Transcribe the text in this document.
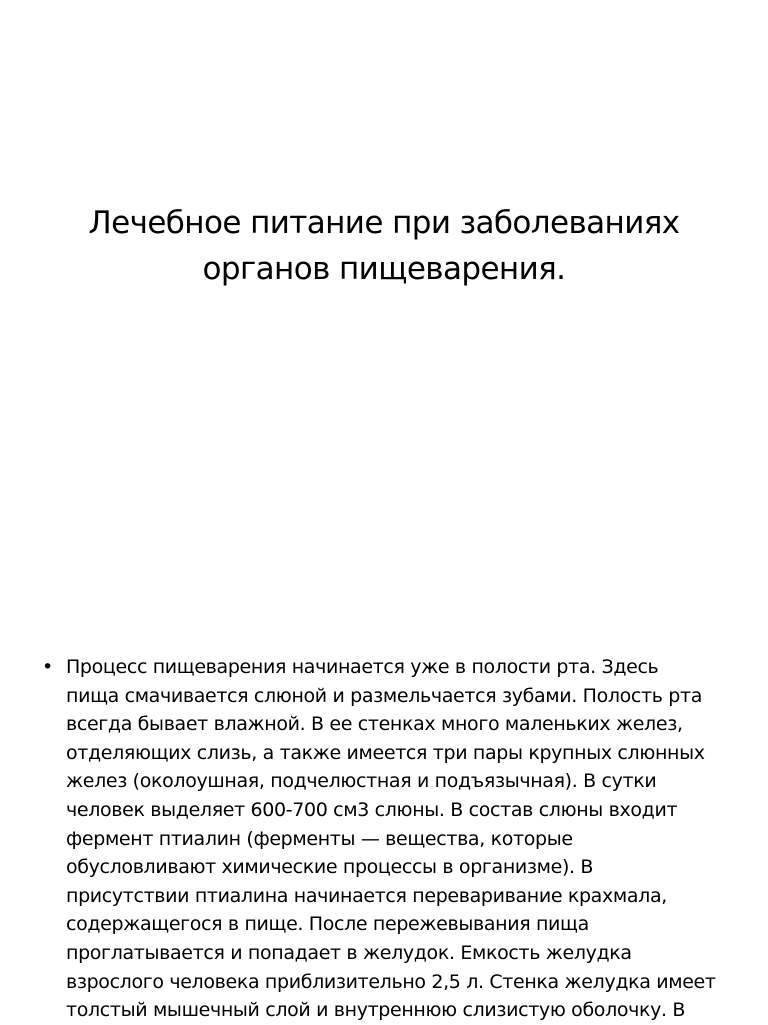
Лечебное питание при заболеваниях
органов пищеварения.
• Процесс пищеварения начинается уже в полости рта. Здесь
пища смачивается слюной и размельчается зубами. Полость рта
всегда бывает влажной. В ее стенках много маленьких желез,
отделяющих слизь, а также имеется три пары крупных слюнных
желез (околоушная, подчелюстная и подъязычная). В сутки
человек выделяет 600-700 см3 слюны. В состав слюны входит
фермент птиалин (ферменты — вещества, которые
обусловливают химические процессы в организме). В
присутствии птиалина начинается переваривание крахмала,
содержащегося в пище. После пережевывания пища
проглатывается и попадает в желудок. Емкость желудка
взрослого человека приблизительно 2,5 л. Стенка желудка имеет
толстый мышечный слой и внутреннюю слизистую оболочку. В
